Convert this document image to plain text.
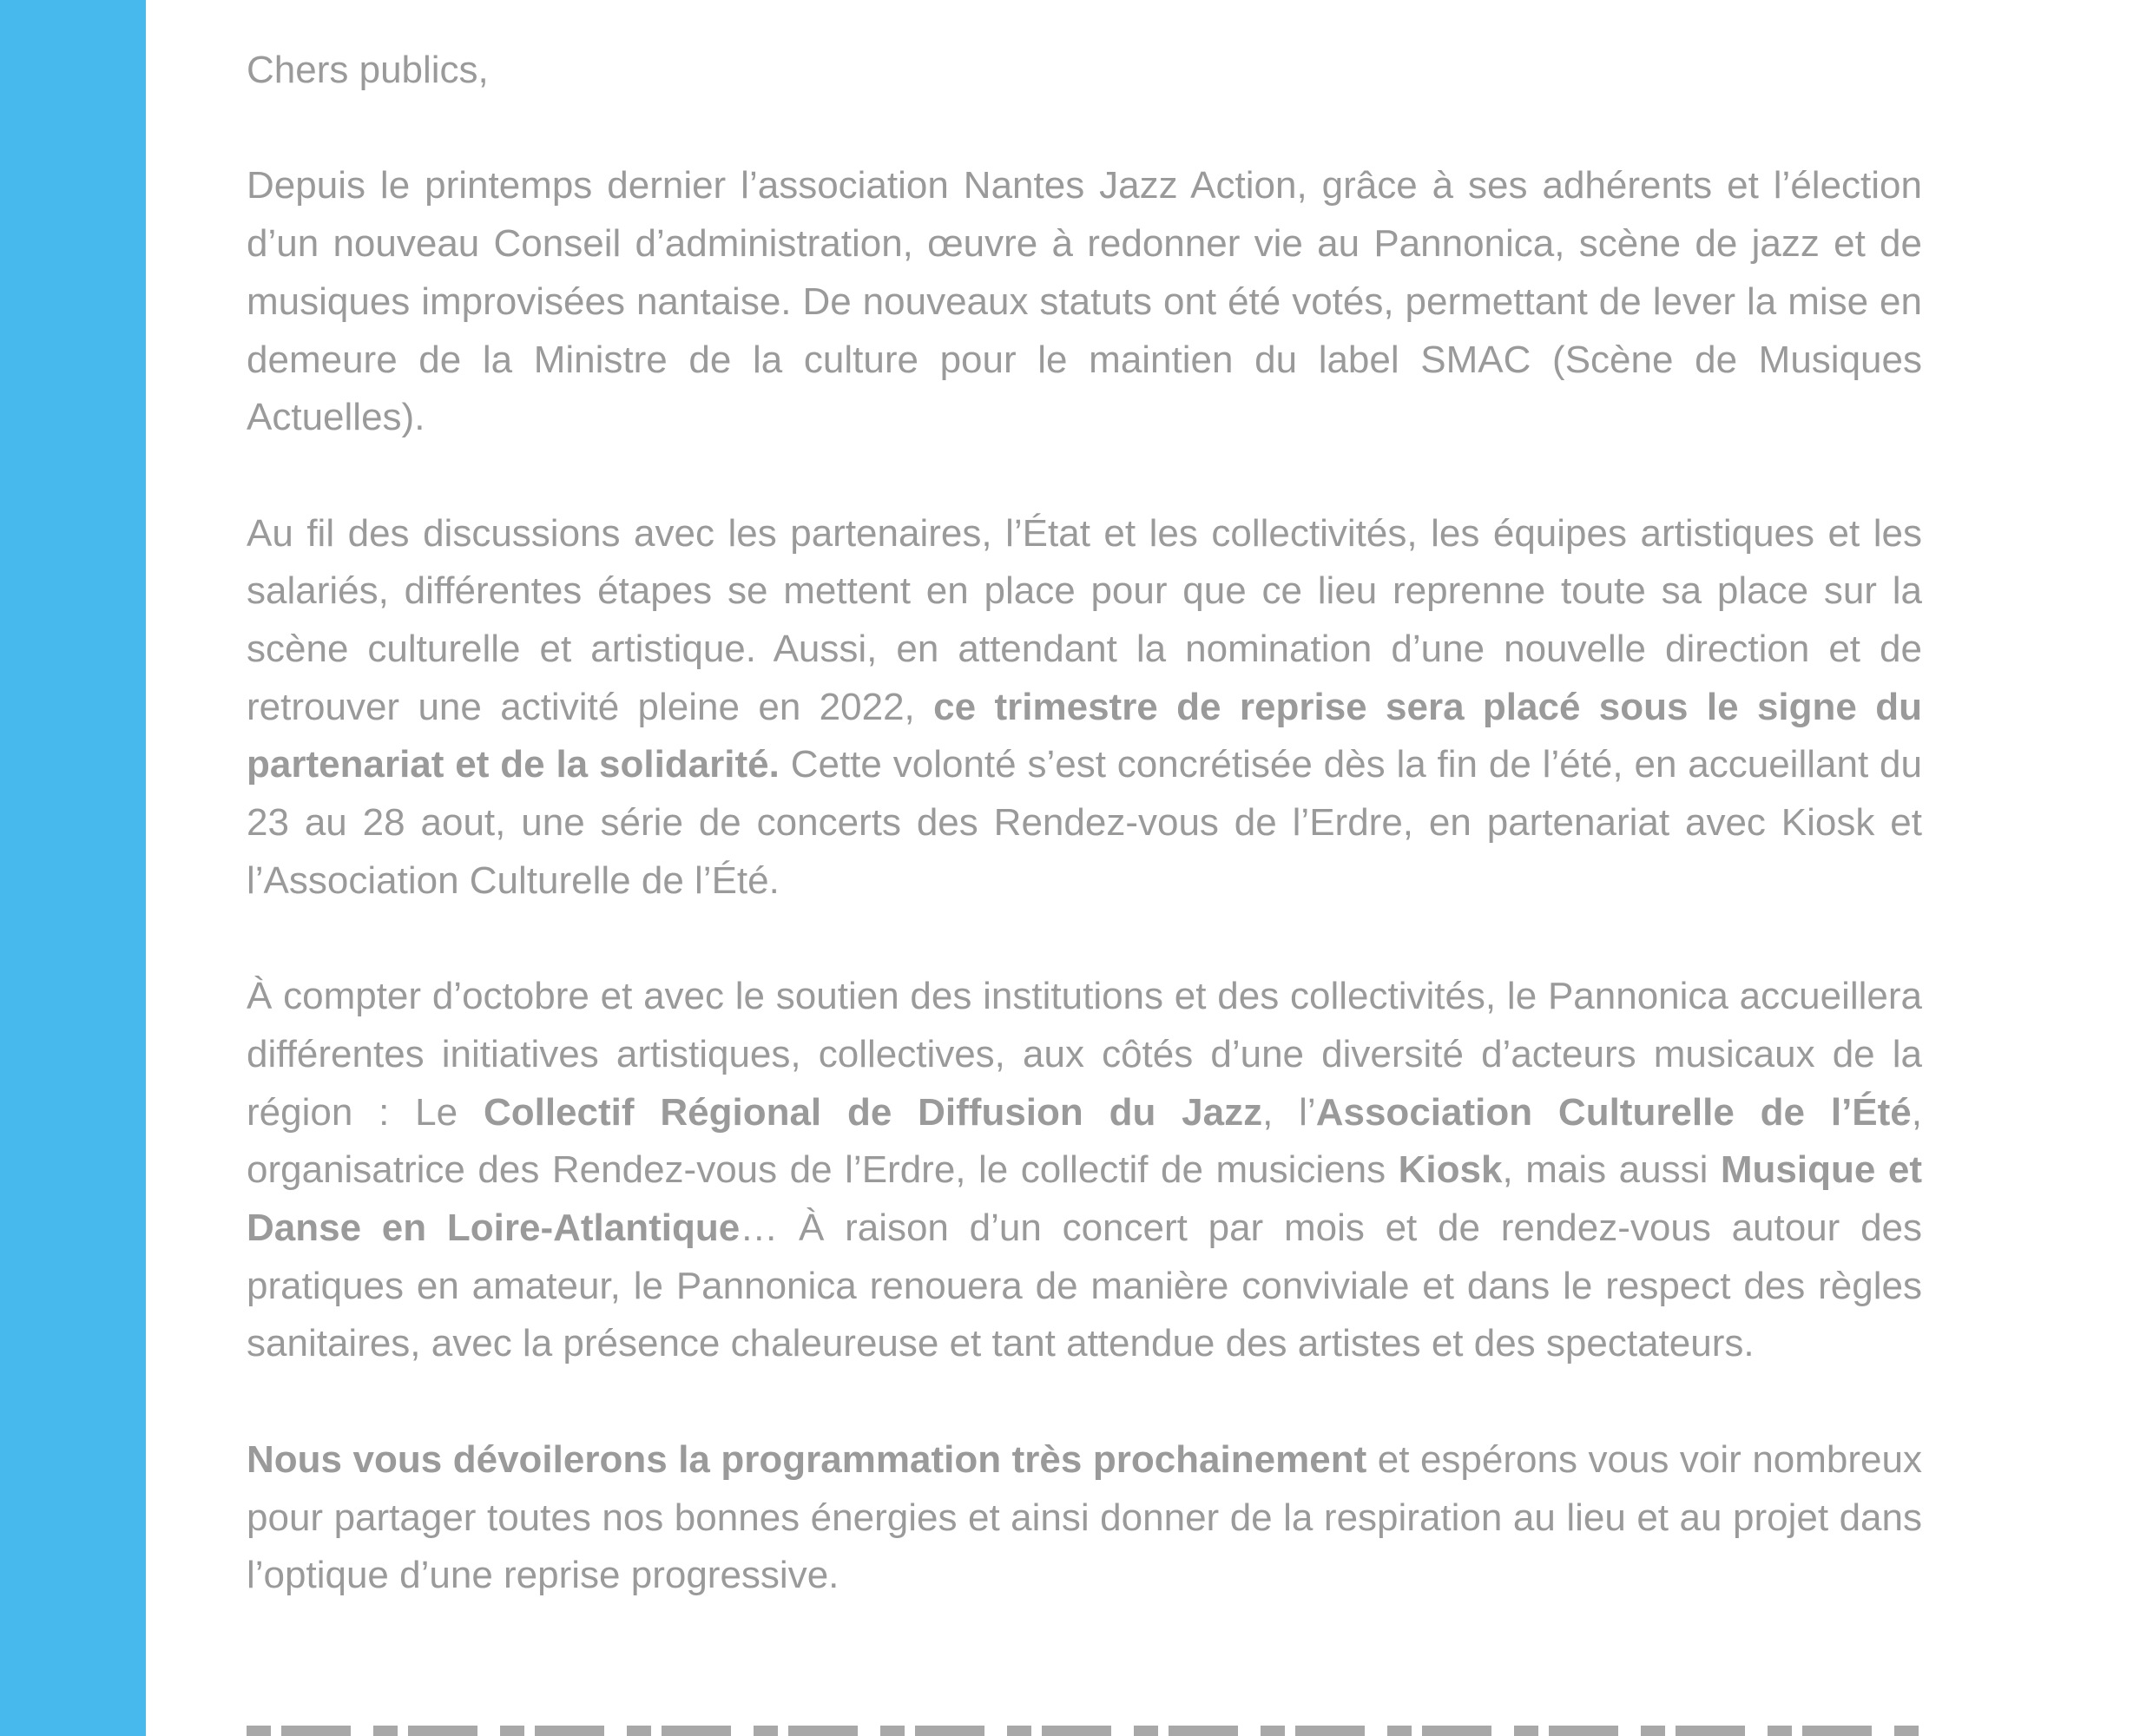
Chers publics,

Depuis le printemps dernier l’association Nantes Jazz Action, grâce à ses adhérents et l’élection d’un nouveau Conseil d’administration, œuvre à redonner vie au Pannonica, scène de jazz et de musiques improvisées nantaise. De nouveaux statuts ont été votés, permettant de lever la mise en demeure de la Ministre de la culture pour le maintien du label SMAC (Scène de Musiques Actuelles).

Au fil des discussions avec les partenaires, l’État et les collectivités, les équipes artistiques et les salariés, différentes étapes se mettent en place pour que ce lieu reprenne toute sa place sur la scène culturelle et artistique. Aussi, en attendant la nomination d’une nouvelle direction et de retrouver une activité pleine en 2022, ce trimestre de reprise sera placé sous le signe du partenariat et de la solidarité. Cette volonté s’est concrétisée dès la fin de l’été, en accueillant du 23 au 28 aout, une série de concerts des Rendez-vous de l’Erdre, en partenariat avec Kiosk et l’Association Culturelle de l’Été.

À compter d’octobre et avec le soutien des institutions et des collectivités, le Pannonica accueillera différentes initiatives artistiques, collectives, aux côtés d’une diversité d’acteurs musicaux de la région : Le Collectif Régional de Diffusion du Jazz, l’Association Culturelle de l’Été, organisatrice des Rendez-vous de l’Erdre, le collectif de musiciens Kiosk, mais aussi Musique et Danse en Loire-Atlantique… À raison d’un concert par mois et de rendez-vous autour des pratiques en amateur, le Pannonica renouera de manière conviviale et dans le respect des règles sanitaires, avec la présence chaleureuse et tant attendue des artistes et des spectateurs.

Nous vous dévoilerons la programmation très prochainement et espérons vous voir nombreux pour partager toutes nos bonnes énergies et ainsi donner de la respiration au lieu et au projet dans l’optique d’une reprise progressive.
